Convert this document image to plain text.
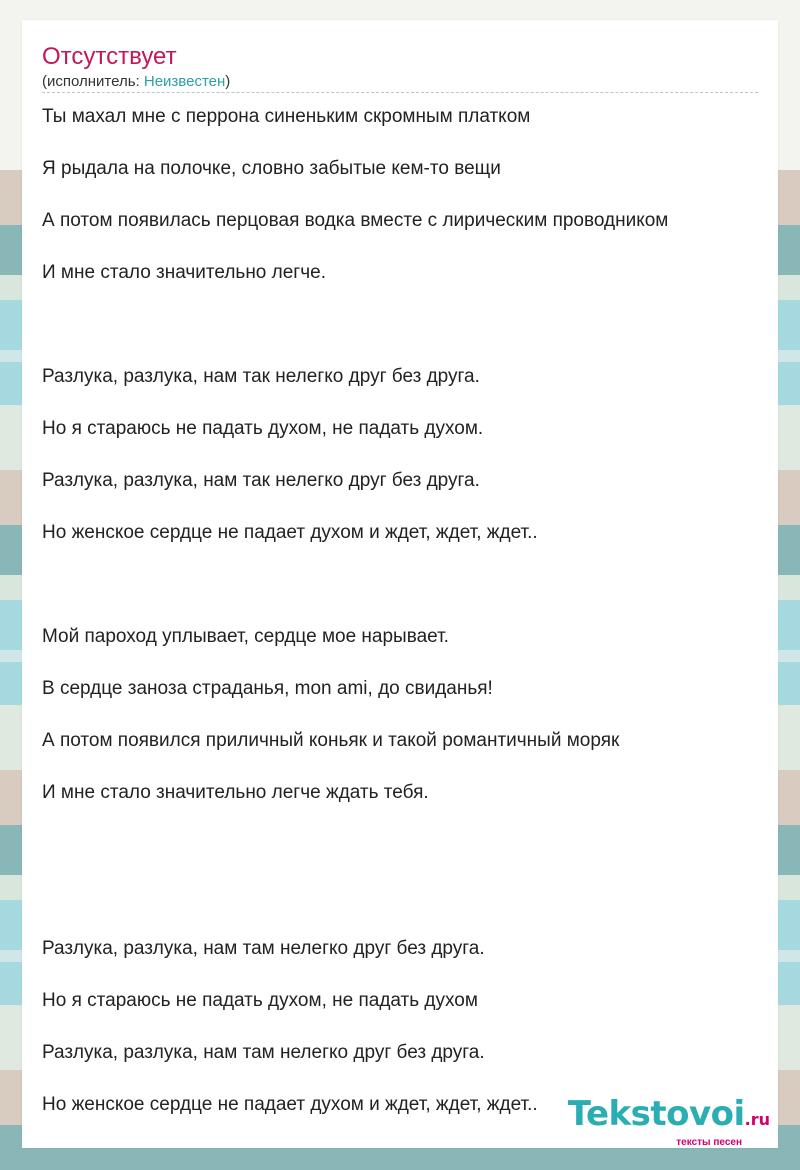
Отсутствует
(исполнитель: Неизвестен)
Ты махал мне с перрона синеньким скромным платком
Я рыдала на полочке, словно забытые кем-то вещи
А потом появилась перцовая водка вместе с лирическим проводником
И мне стало значительно легче.
Разлука, разлука, нам так нелегко друг без друга.
Но я стараюсь не падать духом, не падать духом.
Разлука, разлука, нам так нелегко друг без друга.
Но женское сердце не падает духом и ждет, ждет, ждет..
Мой пароход уплывает, сердце мое нарывает.
В сердце заноза страданья, mon ami, до свиданья!
А потом появился приличный коньяк и такой романтичный моряк
И мне стало значительно легче ждать тебя.
Разлука, разлука, нам там нелегко друг без друга.
Но я стараюсь не падать духом, не падать духом
Разлука, разлука, нам там нелегко друг без друга.
Но женское сердце не падает духом и ждет, ждет, ждет.. Tekstovoi.ru
тексты песен
